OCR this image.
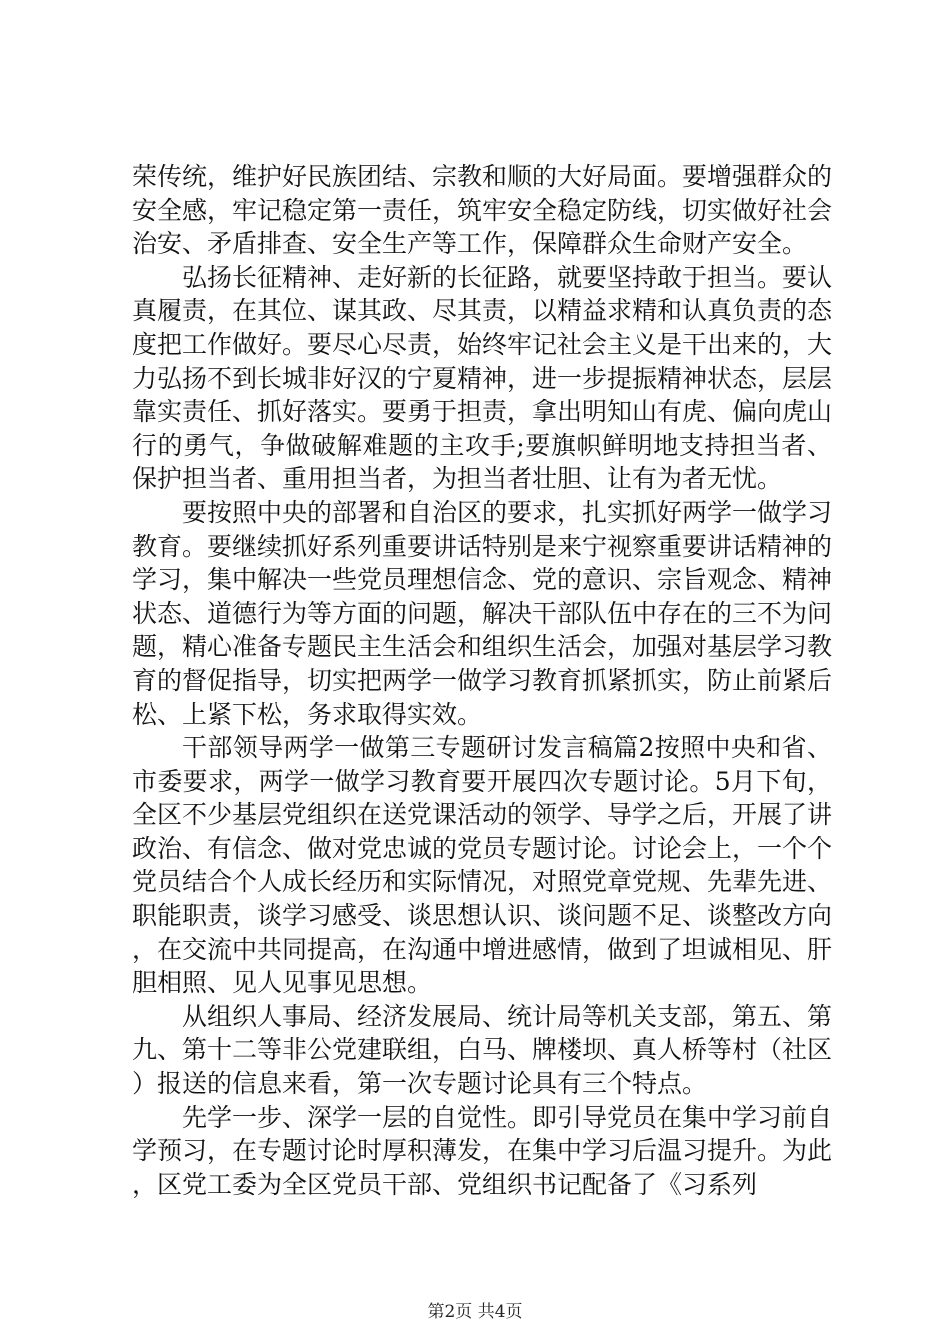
荣传统，维护好民族团结、宗教和顺的大好局面。要增强群众的安全感，牢记稳定第一责任，筑牢安全稳定防线，切实做好社会治安、矛盾排查、安全生产等工作，保障群众生命财产安全。

弘扬长征精神、走好新的长征路，就要坚持敢于担当。要认真履责，在其位、谋其政、尽其责，以精益求精和认真负责的态度把工作做好。要尽心尽责，始终牢记社会主义是干出来的，大力弘扬不到长城非好汉的宁夏精神，进一步提振精神状态，层层靠实责任、抓好落实。要勇于担责，拿出明知山有虎、偏向虎山行的勇气，争做破解难题的主攻手;要旗帜鲜明地支持担当者、保护担当者、重用担当者，为担当者壮胆、让有为者无忧。

要按照中央的部署和自治区的要求，扎实抓好两学一做学习教育。要继续抓好系列重要讲话特别是来宁视察重要讲话精神的学习，集中解决一些党员理想信念、党的意识、宗旨观念、精神状态、道德行为等方面的问题，解决干部队伍中存在的三不为问题，精心准备专题民主生活会和组织生活会，加强对基层学习教育的督促指导，切实把两学一做学习教育抓紧抓实，防止前紧后松、上紧下松，务求取得实效。

干部领导两学一做第三专题研讨发言稿篇2按照中央和省、市委要求，两学一做学习教育要开展四次专题讨论。5月下旬，全区不少基层党组织在送党课活动的领学、导学之后，开展了讲政治、有信念、做对党忠诚的党员专题讨论。讨论会上，一个个党员结合个人成长经历和实际情况，对照党章党规、先辈先进、职能职责，谈学习感受、谈思想认识、谈问题不足、谈整改方向，在交流中共同提高，在沟通中增进感情，做到了坦诚相见、肝胆相照、见人见事见思想。

从组织人事局、经济发展局、统计局等机关支部，第五、第九、第十二等非公党建联组，白马、牌楼坝、真人桥等村（社区）报送的信息来看，第一次专题讨论具有三个特点。

先学一步、深学一层的自觉性。即引导党员在集中学习前自学预习，在专题讨论时厚积薄发，在集中学习后温习提升。为此，区党工委为全区党员干部、党组织书记配备了《习系列

第2页 共4页
